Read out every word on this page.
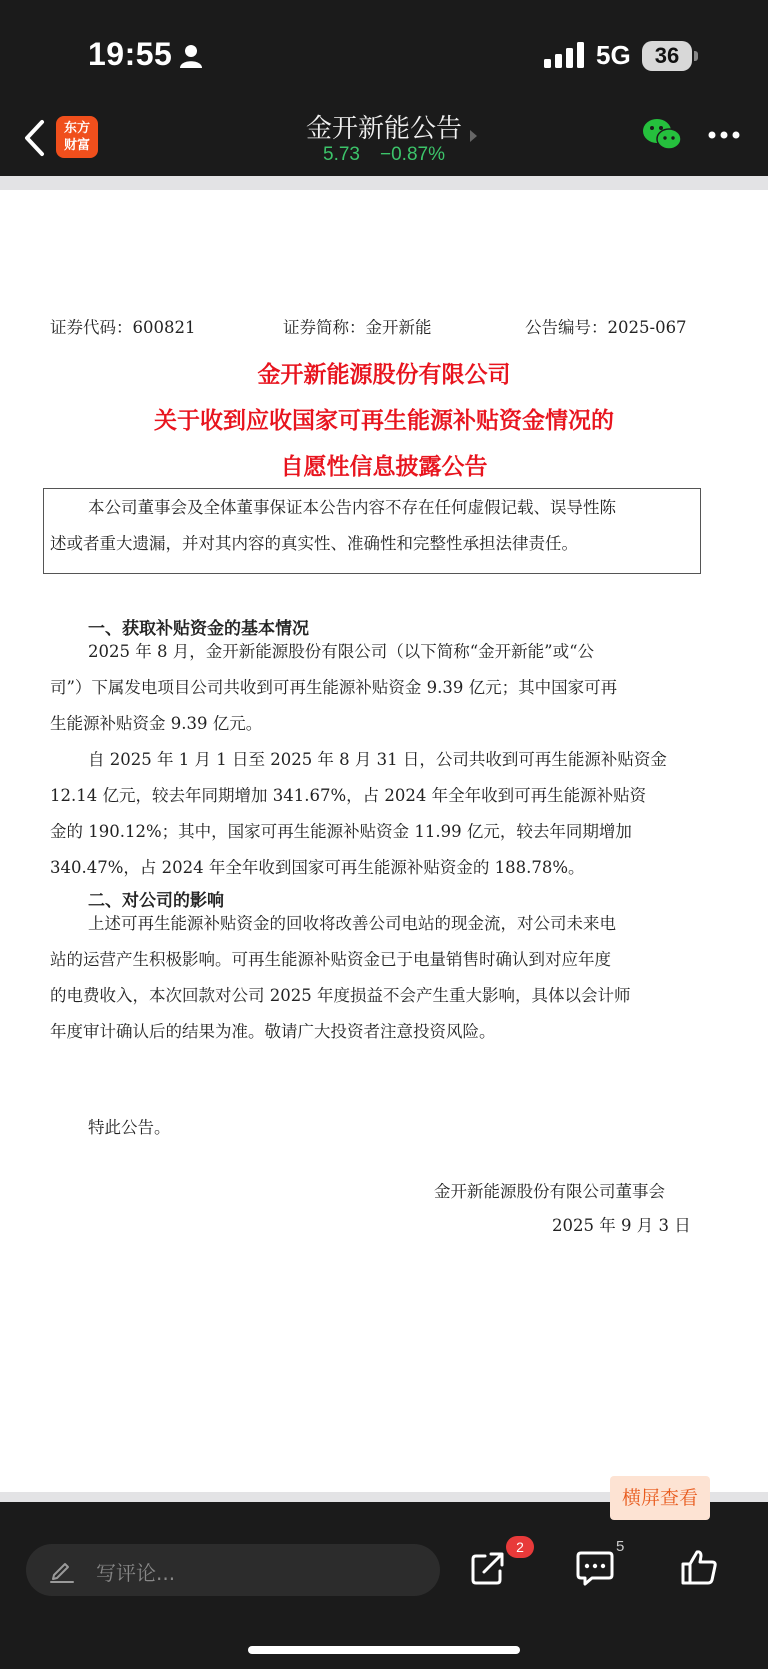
19:55	5G	36
东方财富
金开新能公告
5.73 −0.87%
证券代码：600821	证券简称：金开新能	公告编号：2025-067
金开新能源股份有限公司
关于收到应收国家可再生能源补贴资金情况的
自愿性信息披露公告
本公司董事会及全体董事保证本公告内容不存在任何虚假记载、误导性陈
述或者重大遗漏，并对其内容的真实性、准确性和完整性承担法律责任。
一、获取补贴资金的基本情况
2025 年 8 月，金开新能源股份有限公司（以下简称“金开新能”或“公
司”）下属发电项目公司共收到可再生能源补贴资金 9.39 亿元；其中国家可再
生能源补贴资金 9.39 亿元。
自 2025 年 1 月 1 日至 2025 年 8 月 31 日，公司共收到可再生能源补贴资金
12.14 亿元，较去年同期增加 341.67%，占 2024 年全年收到可再生能源补贴资
金的 190.12%；其中，国家可再生能源补贴资金 11.99 亿元，较去年同期增加
340.47%，占 2024 年全年收到国家可再生能源补贴资金的 188.78%。
二、对公司的影响
上述可再生能源补贴资金的回收将改善公司电站的现金流，对公司未来电
站的运营产生积极影响。可再生能源补贴资金已于电量销售时确认到对应年度
的电费收入，本次回款对公司 2025 年度损益不会产生重大影响，具体以会计师
年度审计确认后的结果为准。敬请广大投资者注意投资风险。
特此公告。
金开新能源股份有限公司董事会
2025 年 9 月 3 日
横屏查看
写评论...
2	5
